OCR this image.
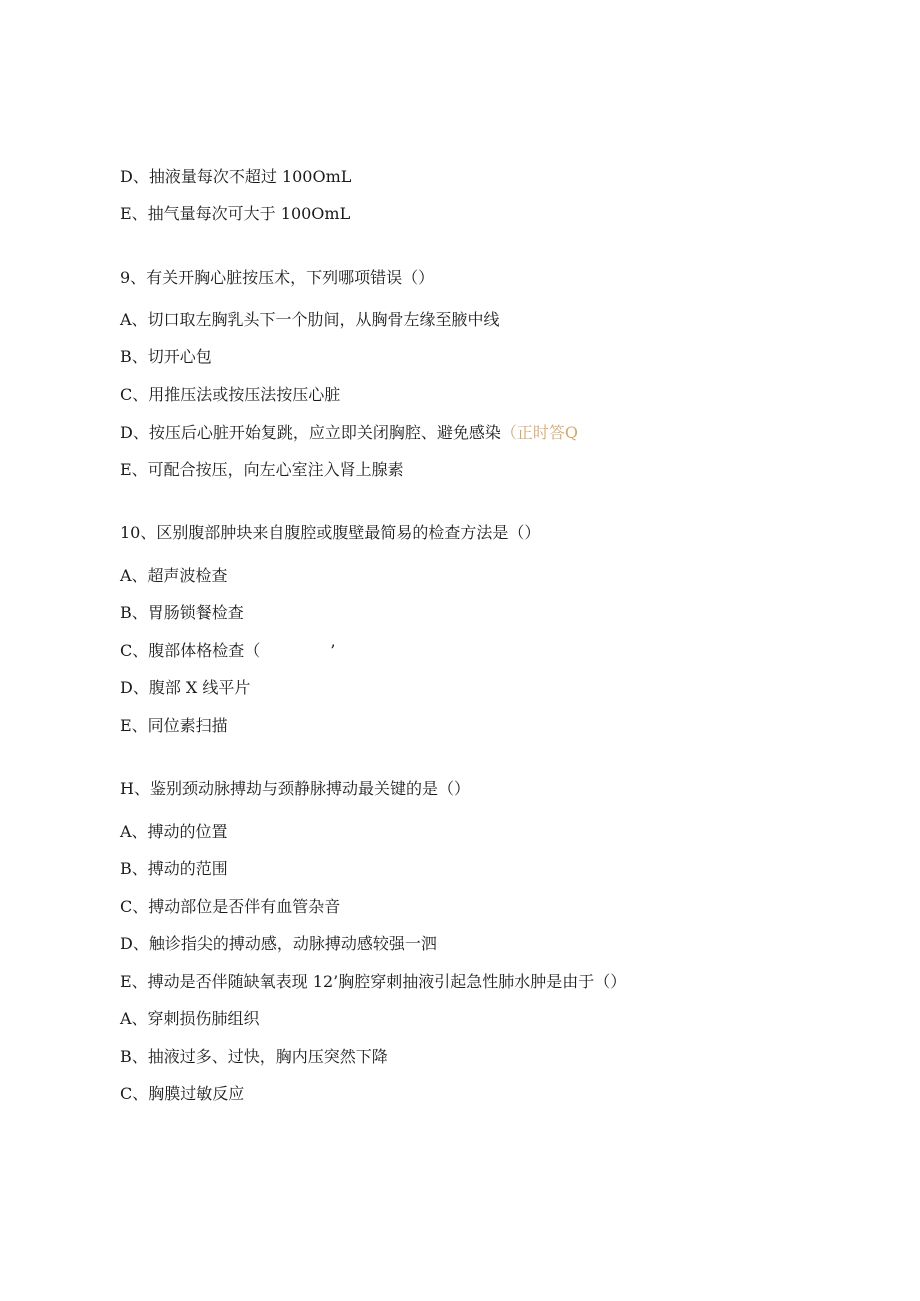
D、抽液量每次不超过 100OmL
E、抽气量每次可大于 100OmL
9、有关开胸心脏按压术，下列哪项错误（）
A、切口取左胸乳头下一个肋间，从胸骨左缘至腋中线
B、切开心包
C、用推压法或按压法按压心脏
D、按压后心脏开始复跳，应立即关闭胸腔、避免感染（正时答Q
E、可配合按压，向左心室注入肾上腺素
10、区别腹部肿块来自腹腔或腹壁最简易的检查方法是（）
A、超声波检查
B、胃肠锁餐检查
C、腹部体格检查（	’
D、腹部 X 线平片
E、同位素扫描
H、鉴别颈动脉搏劫与颈静脉搏动最关键的是（）
A、搏动的位置
B、搏动的范围
C、搏动部位是否伴有血管杂音
D、触诊指尖的搏动感，动脉搏动感较强一泗
E、搏动是否伴随缺氧表现 12’胸腔穿刺抽液引起急性肺水肿是由于（）
A、穿刺损伤肺组织
B、抽液过多、过快，胸内压突然下降
C、胸膜过敏反应
